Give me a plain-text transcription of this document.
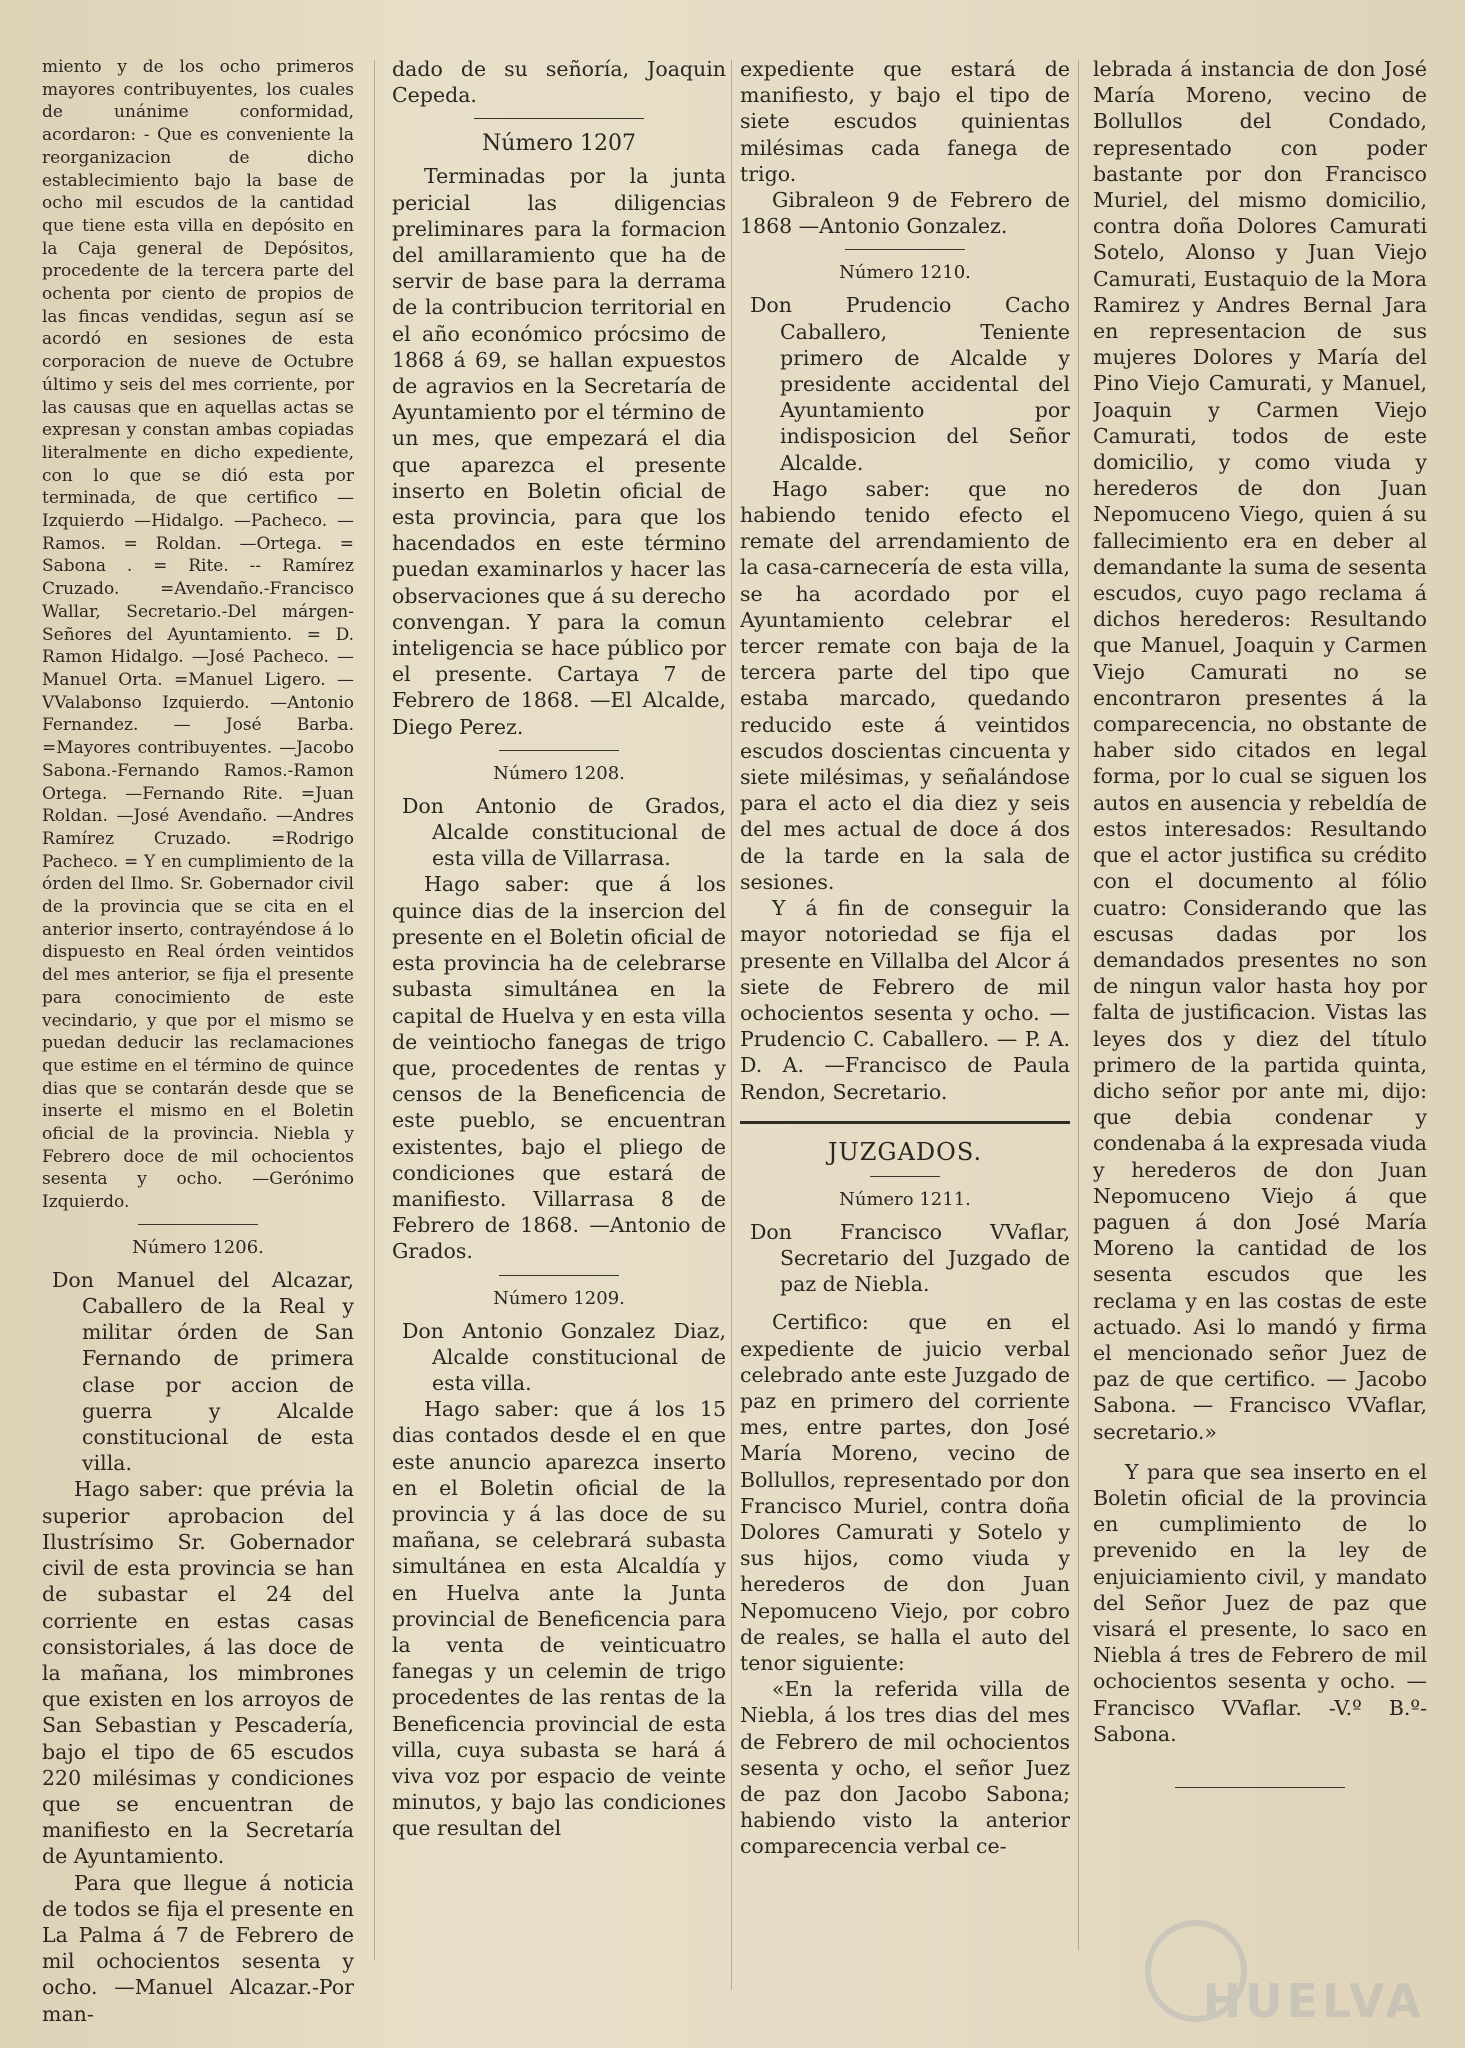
miento y de los ocho primeros mayores contribuyentes, los cuales de unánime conformidad, acordaron: - Que es conveniente la reorganizacion de dicho establecimiento bajo la base de ocho mil escudos de la cantidad que tiene esta villa en depósito en la Caja general de Depósitos, procedente de la tercera parte del ochenta por ciento de propios de las fincas vendidas, segun así se acordó en sesiones de esta corporacion de nueve de Octubre último y seis del mes corriente, por las causas que en aquellas actas se expresan y constan ambas copiadas literalmente en dicho expediente, con lo que se dió esta por terminada, de que certifico —Izquierdo —Hidalgo. —Pacheco. —Ramos. = Roldan. —Ortega. = Sabona . = Rite. -- Ramírez Cruzado. =Avendaño.-Francisco Wallar, Secretario.-Del márgen-Señores del Ayuntamiento. = D. Ramon Hidalgo. —José Pacheco. —Manuel Orta. =Manuel Ligero. — VValabonso Izquierdo. —Antonio Fernandez. — José Barba. =Mayores contribuyentes. —Jacobo Sabona.-Fernando Ramos.-Ramon Ortega. —Fernando Rite. =Juan Roldan. —José Avendaño. —Andres Ramírez Cruzado. =Rodrigo Pacheco. = Y en cumplimiento de la órden del Ilmo. Sr. Gobernador civil de la provincia que se cita en el anterior inserto, contrayéndose á lo dispuesto en Real órden veintidos del mes anterior, se fija el presente para conocimiento de este vecindario, y que por el mismo se puedan deducir las reclamaciones que estime en el término de quince dias que se contarán desde que se inserte el mismo en el Boletin oficial de la provincia. Niebla y Febrero doce de mil ochocientos sesenta y ocho. —Gerónimo Izquierdo.

Número 1206.

Don Manuel del Alcazar, Caballero de la Real y militar órden de San Fernando de primera clase por accion de guerra y Alcalde constitucional de esta villa.

Hago saber: que prévia la superior aprobacion del Ilustrísimo Sr. Gobernador civil de esta provincia se han de subastar el 24 del corriente en estas casas consistoriales, á las doce de la mañana, los mimbrones que existen en los arroyos de San Sebastian y Pescadería, bajo el tipo de 65 escudos 220 milésimas y condiciones que se encuentran de manifiesto en la Secretaría de Ayuntamiento.

Para que llegue á noticia de todos se fija el presente en La Palma á 7 de Febrero de mil ochocientos sesenta y ocho. —Manuel Alcazar.-Por man-

dado de su señoría, Joaquin Cepeda.

Número 1207

Terminadas por la junta pericial las diligencias preliminares para la formacion del amillaramiento que ha de servir de base para la derrama de la contribucion territorial en el año económico prócsimo de 1868 á 69, se hallan expuestos de agravios en la Secretaría de Ayuntamiento por el término de un mes, que empezará el dia que aparezca el presente inserto en Boletin oficial de esta provincia, para que los hacendados en este término puedan examinarlos y hacer las observaciones que á su derecho convengan. Y para la comun inteligencia se hace público por el presente. Cartaya 7 de Febrero de 1868. —El Alcalde, Diego Perez.

Número 1208.

Don Antonio de Grados, Alcalde constitucional de esta villa de Villarrasa.

Hago saber: que á los quince dias de la insercion del presente en el Boletin oficial de esta provincia ha de celebrarse subasta simultánea en la capital de Huelva y en esta villa de veintiocho fanegas de trigo que, procedentes de rentas y censos de la Beneficencia de este pueblo, se encuentran existentes, bajo el pliego de condiciones que estará de manifiesto. Villarrasa 8 de Febrero de 1868. —Antonio de Grados.

Número 1209.

Don Antonio Gonzalez Diaz, Alcalde constitucional de esta villa.

Hago saber: que á los 15 dias contados desde el en que este anuncio aparezca inserto en el Boletin oficial de la provincia y á las doce de su mañana, se celebrará subasta simultánea en esta Alcaldía y en Huelva ante la Junta provincial de Beneficencia para la venta de veinticuatro fanegas y un celemin de trigo procedentes de las rentas de la Beneficencia provincial de esta villa, cuya subasta se hará á viva voz por espacio de veinte minutos, y bajo las condiciones que resultan del

expediente que estará de manifiesto, y bajo el tipo de siete escudos quinientas milésimas cada fanega de trigo.

Gibraleon 9 de Febrero de 1868 —Antonio Gonzalez.

Número 1210.

Don Prudencio Cacho Caballero, Teniente primero de Alcalde y presidente accidental del Ayuntamiento por indisposicion del Señor Alcalde.

Hago saber: que no habiendo tenido efecto el remate del arrendamiento de la casa-carnecería de esta villa, se ha acordado por el Ayuntamiento celebrar el tercer remate con baja de la tercera parte del tipo que estaba marcado, quedando reducido este á veintidos escudos doscientas cincuenta y siete milésimas, y señalándose para el acto el dia diez y seis del mes actual de doce á dos de la tarde en la sala de sesiones.

Y á fin de conseguir la mayor notoriedad se fija el presente en Villalba del Alcor á siete de Febrero de mil ochocientos sesenta y ocho. — Prudencio C. Caballero. — P. A. D. A. —Francisco de Paula Rendon, Secretario.

JUZGADOS.
Número 1211.

Don Francisco VVaflar, Secretario del Juzgado de paz de Niebla.

Certifico: que en el expediente de juicio verbal celebrado ante este Juzgado de paz en primero del corriente mes, entre partes, don José María Moreno, vecino de Bollullos, representado por don Francisco Muriel, contra doña Dolores Camurati y Sotelo y sus hijos, como viuda y herederos de don Juan Nepomuceno Viejo, por cobro de reales, se halla el auto del tenor siguiente:

«En la referida villa de Niebla, á los tres dias del mes de Febrero de mil ochocientos sesenta y ocho, el señor Juez de paz don Jacobo Sabona; habiendo visto la anterior comparecencia verbal ce-

lebrada á instancia de don José María Moreno, vecino de Bollullos del Condado, representado con poder bastante por don Francisco Muriel, del mismo domicilio, contra doña Dolores Camurati Sotelo, Alonso y Juan Viejo Camurati, Eustaquio de la Mora Ramirez y Andres Bernal Jara en representacion de sus mujeres Dolores y María del Pino Viejo Camurati, y Manuel, Joaquin y Carmen Viejo Camurati, todos de este domicilio, y como viuda y herederos de don Juan Nepomuceno Viego, quien á su fallecimiento era en deber al demandante la suma de sesenta escudos, cuyo pago reclama á dichos herederos: Resultando que Manuel, Joaquin y Carmen Viejo Camurati no se encontraron presentes á la comparecencia, no obstante de haber sido citados en legal forma, por lo cual se siguen los autos en ausencia y rebeldía de estos interesados: Resultando que el actor justifica su crédito con el documento al fólio cuatro: Considerando que las escusas dadas por los demandados presentes no son de ningun valor hasta hoy por falta de justificacion. Vistas las leyes dos y diez del título primero de la partida quinta, dicho señor por ante mi, dijo: que debia condenar y condenaba á la expresada viuda y herederos de don Juan Nepomuceno Viejo á que paguen á don José María Moreno la cantidad de los sesenta escudos que les reclama y en las costas de este actuado. Asi lo mandó y firma el mencionado señor Juez de paz de que certifico. — Jacobo Sabona. — Francisco VVaflar, secretario.»

Y para que sea inserto en el Boletin oficial de la provincia en cumplimiento de lo prevenido en la ley de enjuiciamiento civil, y mandato del Señor Juez de paz que visará el presente, lo saco en Niebla á tres de Febrero de mil ochocientos sesenta y ocho. — Francisco VVaflar. -V.º B.º- Sabona.

HUELVA
